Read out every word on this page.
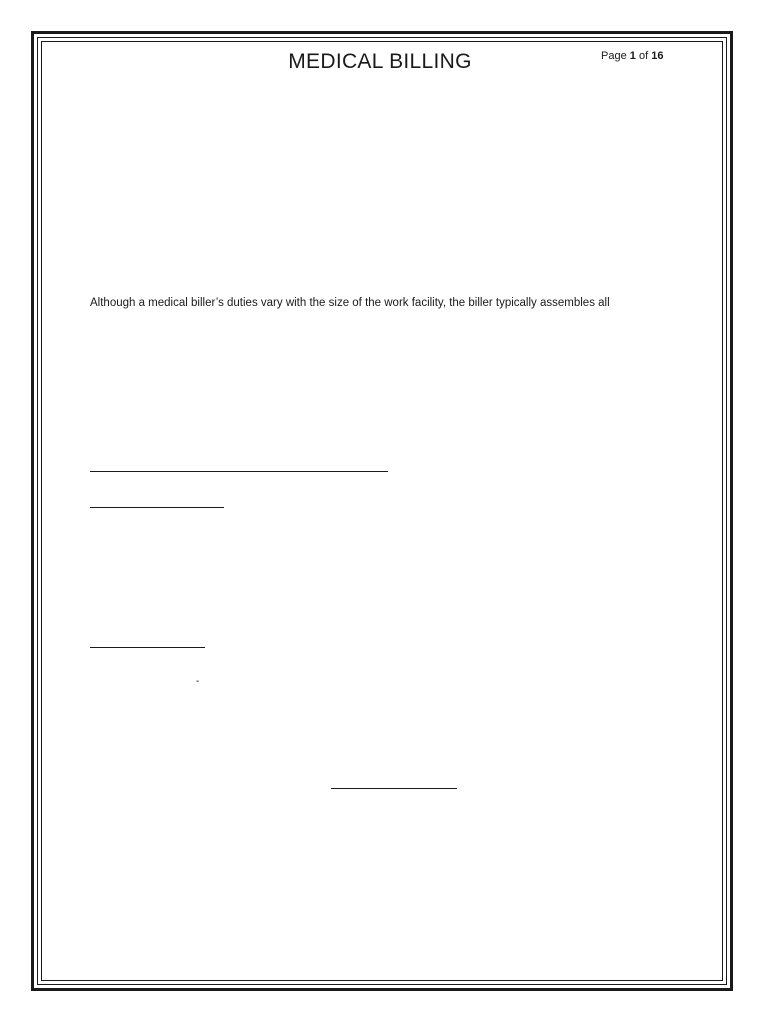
MEDICAL BILLING	Page 1 of 16
Although a medical biller’s duties vary with the size of the work facility, the biller typically assembles all
-
